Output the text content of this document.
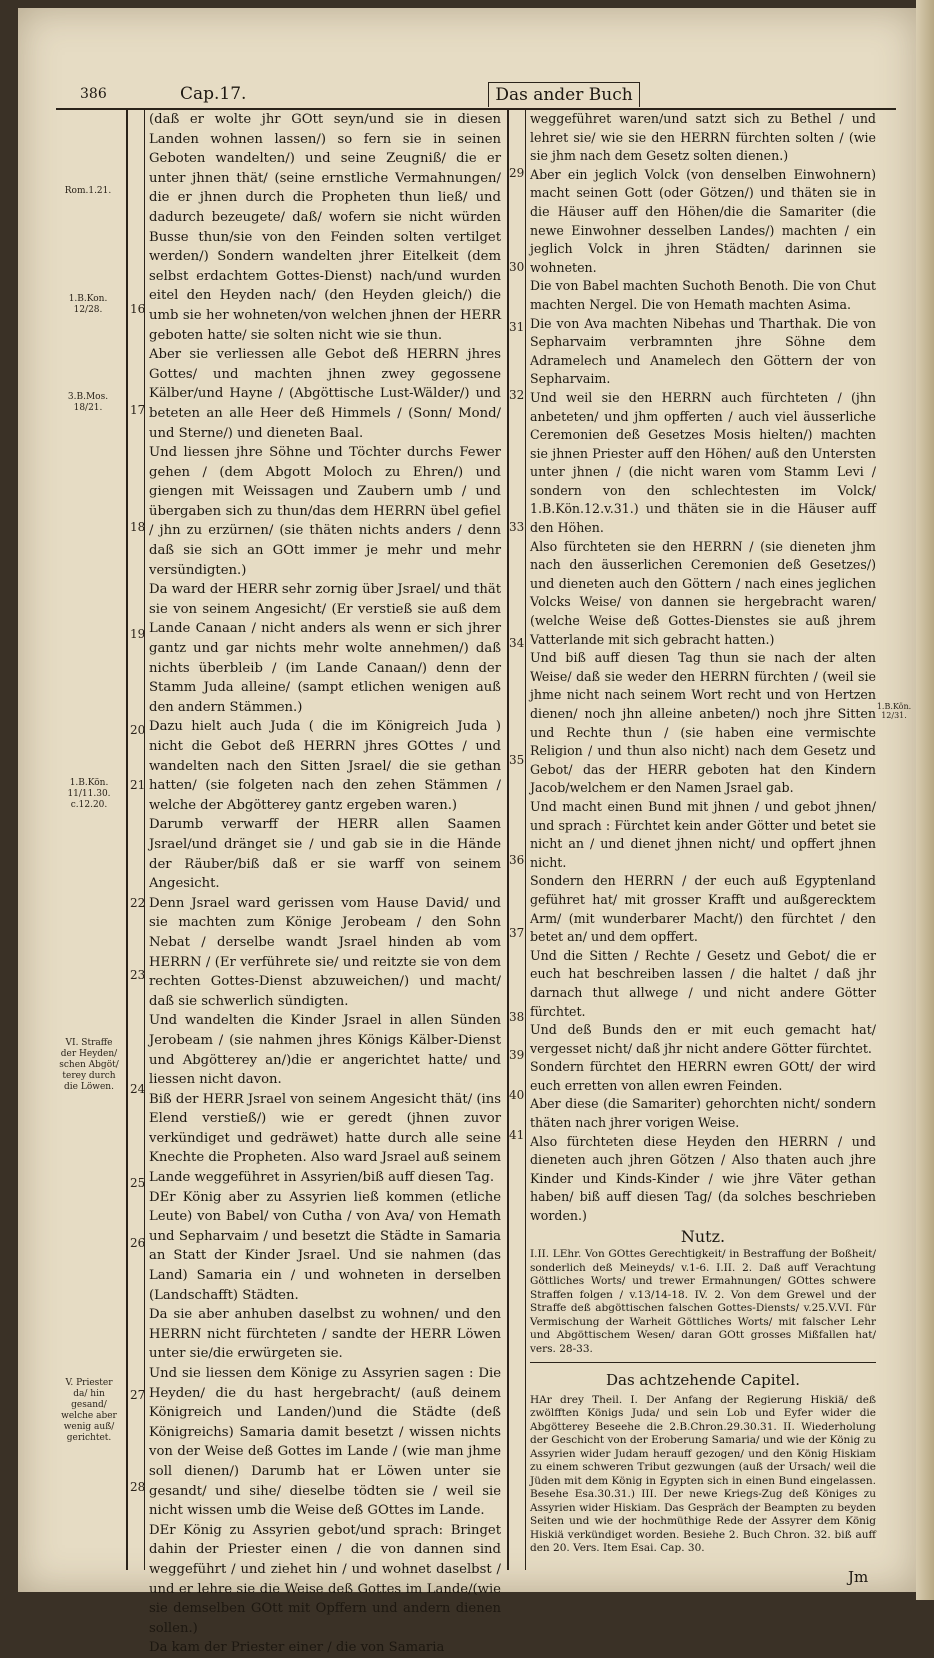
386	Cap.17.	Das ander Buch
Rom.1.21.
1.B.Kon. 12/28.
3.B.Mos. 18/21.
1.B.Kön. 11/11.30. c.12.20.
VI. Straffe der Heyden/ schen Abgöt/ terey durch die Löwen.
V. Priester da/ hin gesand/ welche aber wenig auß/ gerichtet.
1.B.Kön. 12/31.
16
17
18
19
20
21
22
23
24
25
26
27
28
29
30
31
32
33
34
35
36
37
38
39
40
41
(daß er wolte jhr GOtt seyn/und sie in diesen Landen wohnen lassen/) so fern sie in seinen Geboten wandelten/) und seine Zeugniß/ die er unter jhnen thät/ (seine ernstliche Vermahnungen/ die er jhnen durch die Propheten thun ließ/ und dadurch bezeugete/ daß/ wofern sie nicht würden Busse thun/sie von den Feinden solten vertilget werden/) Sondern wandelten jhrer Eitelkeit (dem selbst erdachtem Gottes-Dienst) nach/und wurden eitel den Heyden nach/ (den Heyden gleich/) die umb sie her wohneten/von welchen jhnen der HERR geboten hatte/ sie solten nicht wie sie thun.
Aber sie verliessen alle Gebot deß HERRN jhres Gottes/ und machten jhnen zwey gegossene Kälber/und Hayne / (Abgöttische Lust-Wälder/) und beteten an alle Heer deß Himmels / (Sonn/ Mond/ und Sterne/) und dieneten Baal.
Und liessen jhre Söhne und Töchter durchs Fewer gehen / (dem Abgott Moloch zu Ehren/) und giengen mit Weissagen und Zaubern umb / und übergaben sich zu thun/das dem HERRN übel gefiel / jhn zu erzürnen/ (sie thäten nichts anders / denn daß sie sich an GOtt immer je mehr und mehr versündigten.)
Da ward der HERR sehr zornig über Jsrael/ und thät sie von seinem Angesicht/ (Er verstieß sie auß dem Lande Canaan / nicht anders als wenn er sich jhrer gantz und gar nichts mehr wolte annehmen/) daß nichts überbleib / (im Lande Canaan/) denn der Stamm Juda alleine/ (sampt etlichen wenigen auß den andern Stämmen.)
Dazu hielt auch Juda ( die im Königreich Juda ) nicht die Gebot deß HERRN jhres GOttes / und wandelten nach den Sitten Jsrael/ die sie gethan hatten/ (sie folgeten nach den zehen Stämmen / welche der Abgötterey gantz ergeben waren.)
Darumb verwarff der HERR allen Saamen Jsrael/und dränget sie / und gab sie in die Hände der Räuber/biß daß er sie warff von seinem Angesicht.
Denn Jsrael ward gerissen vom Hause David/ und sie machten zum Könige Jerobeam / den Sohn Nebat / derselbe wandt Jsrael hinden ab vom HERRN / (Er verführete sie/ und reitzte sie von dem rechten Gottes-Dienst abzuweichen/) und macht/ daß sie schwerlich sündigten.
Und wandelten die Kinder Jsrael in allen Sünden Jerobeam / (sie nahmen jhres Königs Kälber-Dienst und Abgötterey an/)die er angerichtet hatte/ und liessen nicht davon.
Biß der HERR Jsrael von seinem Angesicht thät/ (ins Elend verstieß/) wie er geredt (jhnen zuvor verkündiget und gedräwet) hatte durch alle seine Knechte die Propheten. Also ward Jsrael auß seinem Lande weggeführet in Assyrien/biß auff diesen Tag.
DEr König aber zu Assyrien ließ kommen (etliche Leute) von Babel/ von Cutha / von Ava/ von Hemath und Sepharvaim / und besetzt die Städte in Samaria an Statt der Kinder Jsrael. Und sie nahmen (das Land) Samaria ein / und wohneten in derselben (Landschafft) Städten.
Da sie aber anhuben daselbst zu wohnen/ und den HERRN nicht fürchteten / sandte der HERR Löwen unter sie/die erwürgeten sie.
Und sie liessen dem Könige zu Assyrien sagen : Die Heyden/ die du hast hergebracht/ (auß deinem Königreich und Landen/)und die Städte (deß Königreichs) Samaria damit besetzt / wissen nichts von der Weise deß Gottes im Lande / (wie man jhme soll dienen/) Darumb hat er Löwen unter sie gesandt/ und sihe/ dieselbe tödten sie / weil sie nicht wissen umb die Weise deß GOttes im Lande.
DEr König zu Assyrien gebot/und sprach: Bringet dahin der Priester einen / die von dannen sind weggeführt / und ziehet hin / und wohnet daselbst / und er lehre sie die Weise deß Gottes im Lande/(wie sie demselben GOtt mit Opffern und andern dienen sollen.)
Da kam der Priester einer / die von Samaria
weggeführet waren/und satzt sich zu Bethel / und lehret sie/ wie sie den HERRN fürchten solten / (wie sie jhm nach dem Gesetz solten dienen.)
Aber ein jeglich Volck (von denselben Einwohnern) macht seinen Gott (oder Götzen/) und thäten sie in die Häuser auff den Höhen/die die Samariter (die newe Einwohner desselben Landes/) machten / ein jeglich Volck in jhren Städten/ darinnen sie wohneten.
Die von Babel machten Suchoth Benoth. Die von Chut machten Nergel. Die von Hemath machten Asima.
Die von Ava machten Nibehas und Tharthak. Die von Sepharvaim verbramnten jhre Söhne dem Adramelech und Anamelech den Göttern der von Sepharvaim.
Und weil sie den HERRN auch fürchteten / (jhn anbeteten/ und jhm opfferten / auch viel äusserliche Ceremonien deß Gesetzes Mosis hielten/) machten sie jhnen Priester auff den Höhen/ auß den Untersten unter jhnen / (die nicht waren vom Stamm Levi / sondern von den schlechtesten im Volck/ 1.B.Kön.12.v.31.) und thäten sie in die Häuser auff den Höhen.
Also fürchteten sie den HERRN / (sie dieneten jhm nach den äusserlichen Ceremonien deß Gesetzes/) und dieneten auch den Göttern / nach eines jeglichen Volcks Weise/ von dannen sie hergebracht waren/ (welche Weise deß Gottes-Dienstes sie auß jhrem Vatterlande mit sich gebracht hatten.)
Und biß auff diesen Tag thun sie nach der alten Weise/ daß sie weder den HERRN fürchten / (weil sie jhme nicht nach seinem Wort recht und von Hertzen dienen/ noch jhn alleine anbeten/) noch jhre Sitten und Rechte thun / (sie haben eine vermischte Religion / und thun also nicht) nach dem Gesetz und Gebot/ das der HERR geboten hat den Kindern Jacob/welchem er den Namen Jsrael gab.
Und macht einen Bund mit jhnen / und gebot jhnen/ und sprach : Fürchtet kein ander Götter und betet sie nicht an / und dienet jhnen nicht/ und opffert jhnen nicht.
Sondern den HERRN / der euch auß Egyptenland geführet hat/ mit grosser Krafft und außgerecktem Arm/ (mit wunderbarer Macht/) den fürchtet / den betet an/ und dem opffert.
Und die Sitten / Rechte / Gesetz und Gebot/ die er euch hat beschreiben lassen / die haltet / daß jhr darnach thut allwege / und nicht andere Götter fürchtet.
Und deß Bunds den er mit euch gemacht hat/ vergesset nicht/ daß jhr nicht andere Götter fürchtet.
Sondern fürchtet den HERRN ewren GOtt/ der wird euch erretten von allen ewren Feinden.
Aber diese (die Samariter) gehorchten nicht/ sondern thäten nach jhrer vorigen Weise.
Also fürchteten diese Heyden den HERRN / und dieneten auch jhren Götzen / Also thaten auch jhre Kinder und Kinds-Kinder / wie jhre Väter gethan haben/ biß auff diesen Tag/ (da solches beschrieben worden.)
Nutz.
I.II. LEhr. Von GOttes Gerechtigkeit/ in Bestraffung der Boßheit/ sonderlich deß Meineyds/ v.1-6. I.II. 2. Daß auff Verachtung Göttliches Worts/ und trewer Ermahnungen/ GOttes schwere Straffen folgen / v.13/14-18. IV. 2. Von dem Grewel und der Straffe deß abgöttischen falschen Gottes-Diensts/ v.25.V.VI. Für Vermischung der Warheit Göttliches Worts/ mit falscher Lehr und Abgöttischem Wesen/ daran GOtt grosses Mißfallen hat/ vers. 28-33.
Das achtzehende Capitel.
HAr drey Theil. I. Der Anfang der Regierung Hiskiä/ deß zwölfften Königs Juda/ und sein Lob und Eyfer wider die Abgötterey Beseehe die 2.B.Chron.29.30.31. II. Wiederholung der Geschicht von der Eroberung Samaria/ und wie der König zu Assyrien wider Judam herauff gezogen/ und den König Hiskiam zu einem schweren Tribut gezwungen (auß der Ursach/ weil die Jüden mit dem König in Egypten sich in einen Bund eingelassen. Besehe Esa.30.31.) III. Der newe Kriegs-Zug deß Königes zu Assyrien wider Hiskiam. Das Gespräch der Beampten zu beyden Seiten und wie der hochmüthige Rede der Assyrer dem König Hiskiä verkündiget worden. Besiehe 2. Buch Chron. 32. biß auff den 20. Vers. Item Esai. Cap. 30.
Jm
